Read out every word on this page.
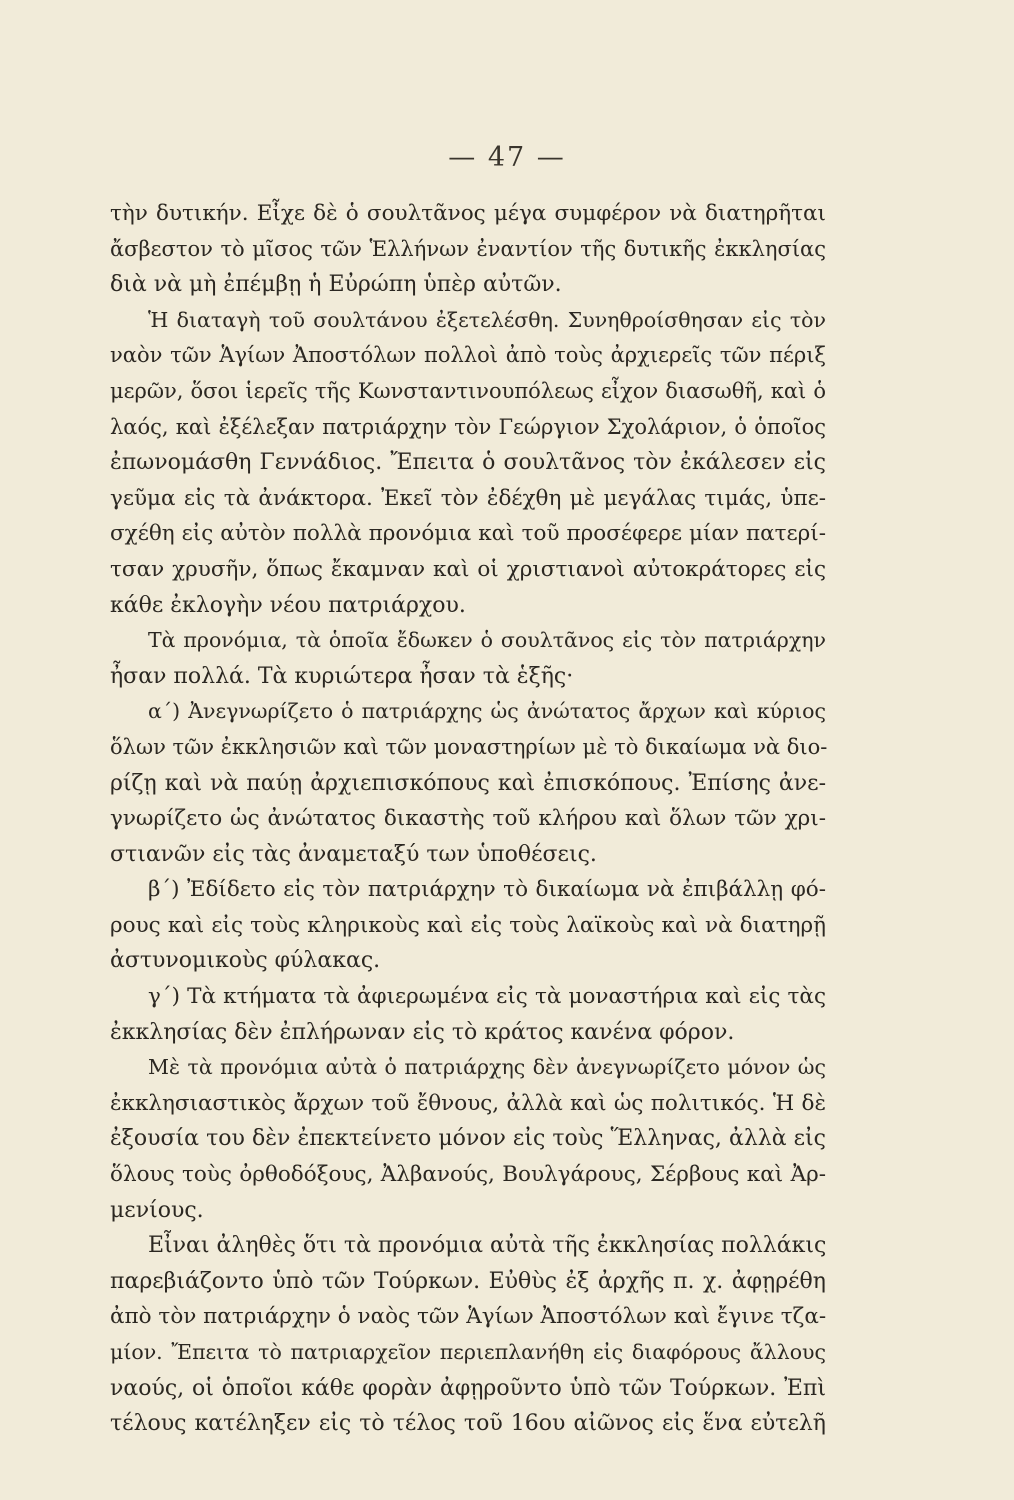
— 47 —
τὴν δυτικήν. Εἶχε δὲ ὁ σουλτᾶνος μέγα συμφέρον νὰ διατηρῆται
ἄσβεστον τὸ μῖσος τῶν Ἑλλήνων ἐναντίον τῆς δυτικῆς ἐκκλησίας
διὰ νὰ μὴ ἐπέμβῃ ἡ Εὐρώπη ὑπὲρ αὐτῶν.
Ἡ διαταγὴ τοῦ σουλτάνου ἐξετελέσθη. Συνηθροίσθησαν εἰς τὸν
ναὸν τῶν Ἁγίων Ἀποστόλων πολλοὶ ἀπὸ τοὺς ἀρχιερεῖς τῶν πέριξ
μερῶν, ὅσοι ἱερεῖς τῆς Κωνσταντινουπόλεως εἶχον διασωθῆ, καὶ ὁ
λαός, καὶ ἐξέλεξαν πατριάρχην τὸν Γεώργιον Σχολάριον, ὁ ὁποῖος
ἐπωνομάσθη Γεννάδιος. Ἔπειτα ὁ σουλτᾶνος τὸν ἐκάλεσεν εἰς
γεῦμα εἰς τὰ ἀνάκτορα. Ἐκεῖ τὸν ἐδέχθη μὲ μεγάλας τιμάς, ὑπε-
σχέθη εἰς αὐτὸν πολλὰ προνόμια καὶ τοῦ προσέφερε μίαν πατερί-
τσαν χρυσῆν, ὅπως ἔκαμναν καὶ οἱ χριστιανοὶ αὐτοκράτορες εἰς
κάθε ἐκλογὴν νέου πατριάρχου.
Τὰ προνόμια, τὰ ὁποῖα ἔδωκεν ὁ σουλτᾶνος εἰς τὸν πατριάρχην
ἦσαν πολλά. Τὰ κυριώτερα ἦσαν τὰ ἑξῆς·
α΄) Ἀνεγνωρίζετο ὁ πατριάρχης ὡς ἀνώτατος ἄρχων καὶ κύριος
ὅλων τῶν ἐκκλησιῶν καὶ τῶν μοναστηρίων μὲ τὸ δικαίωμα νὰ διο-
ρίζῃ καὶ νὰ παύῃ ἀρχιεπισκόπους καὶ ἐπισκόπους. Ἐπίσης ἀνε-
γνωρίζετο ὡς ἀνώτατος δικαστὴς τοῦ κλήρου καὶ ὅλων τῶν χρι-
στιανῶν εἰς τὰς ἀναμεταξύ των ὑποθέσεις.
β΄) Ἐδίδετο εἰς τὸν πατριάρχην τὸ δικαίωμα νὰ ἐπιβάλλῃ φό-
ρους καὶ εἰς τοὺς κληρικοὺς καὶ εἰς τοὺς λαϊκοὺς καὶ νὰ διατηρῇ
ἀστυνομικοὺς φύλακας.
γ΄) Τὰ κτήματα τὰ ἀφιερωμένα εἰς τὰ μοναστήρια καὶ εἰς τὰς
ἐκκλησίας δὲν ἐπλήρωναν εἰς τὸ κράτος κανένα φόρον.
Μὲ τὰ προνόμια αὐτὰ ὁ πατριάρχης δὲν ἀνεγνωρίζετο μόνον ὡς
ἐκκλησιαστικὸς ἄρχων τοῦ ἔθνους, ἀλλὰ καὶ ὡς πολιτικός. Ἡ δὲ
ἐξουσία του δὲν ἐπεκτείνετο μόνον εἰς τοὺς Ἕλληνας, ἀλλὰ εἰς
ὅλους τοὺς ὀρθοδόξους, Ἀλβανούς, Βουλγάρους, Σέρβους καὶ Ἀρ-
μενίους.
Εἶναι ἀληθὲς ὅτι τὰ προνόμια αὐτὰ τῆς ἐκκλησίας πολλάκις
παρεβιάζοντο ὑπὸ τῶν Τούρκων. Εὐθὺς ἐξ ἀρχῆς π. χ. ἀφῃρέθη
ἀπὸ τὸν πατριάρχην ὁ ναὸς τῶν Ἁγίων Ἀποστόλων καὶ ἔγινε τζα-
μίον. Ἔπειτα τὸ πατριαρχεῖον περιεπλανήθη εἰς διαφόρους ἄλλους
ναούς, οἱ ὁποῖοι κάθε φορὰν ἀφῃροῦντο ὑπὸ τῶν Τούρκων. Ἐπὶ
τέλους κατέληξεν εἰς τὸ τέλος τοῦ 16ου αἰῶνος εἰς ἕνα εὐτελῆ
